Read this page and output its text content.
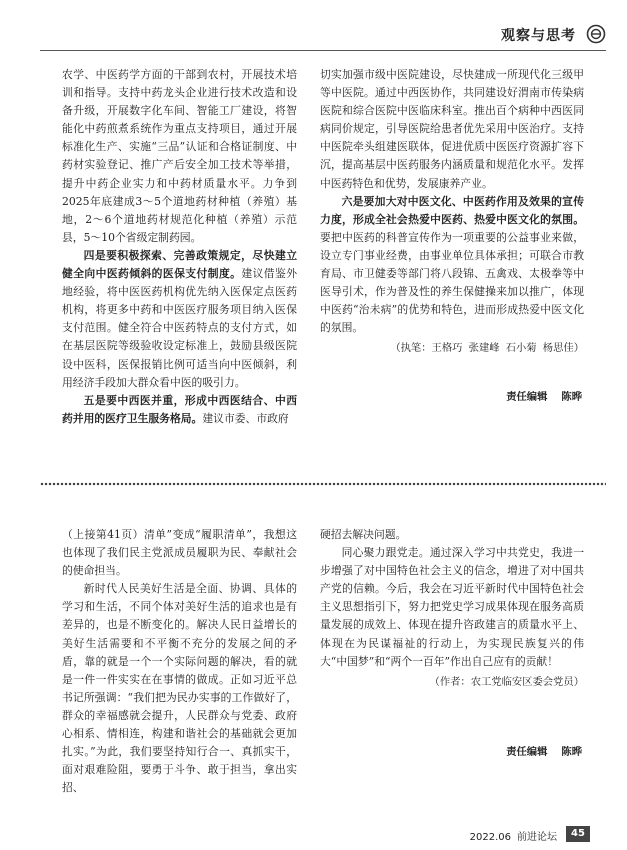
观察与思考

农学、中医药学方面的干部到农村，开展技术培训和指导。支持中药龙头企业进行技术改造和设备升级，开展数字化车间、智能工厂建设，将智能化中药煎煮系统作为重点支持项目，通过开展标准化生产、实施“三品”认证和合格证制度、中药材实验登记、推广产后安全加工技术等举措，提升中药企业实力和中药材质量水平。力争到2025年底建成3～5个道地药材种植（养殖）基地，2～6个道地药材规范化种植（养殖）示范县，5～10个省级定制药园。

四是要积极探索、完善政策规定，尽快建立健全向中医药倾斜的医保支付制度。建议借鉴外地经验，将中医医药机构优先纳入医保定点医药机构，将更多中药和中医医疗服务项目纳入医保支付范围。健全符合中医药特点的支付方式，如在基层医院等级验收设定标准上，鼓励县级医院设中医科，医保报销比例可适当向中医倾斜，利用经济手段加大群众看中医的吸引力。

五是要中西医并重，形成中西医结合、中西药并用的医疗卫生服务格局。建议市委、市政府

切实加强市级中医院建设，尽快建成一所现代化三级甲等中医院。通过中西医协作，共同建设好渭南市传染病医院和综合医院中医临床科室。推出百个病种中西医同病同价规定，引导医院给患者优先采用中医治疗。支持中医院牵头组建医联体，促进优质中医医疗资源扩容下沉，提高基层中医药服务内涵质量和规范化水平。发挥中医药特色和优势，发展康养产业。

六是要加大对中医文化、中医药作用及效果的宣传力度，形成全社会热爱中医药、热爱中医文化的氛围。要把中医药的科普宣传作为一项重要的公益事业来做，设立专门事业经费，由事业单位具体承担；可联合市教育局、市卫健委等部门将八段锦、五禽戏、太极拳等中医导引术，作为普及性的养生保健操来加以推广，体现中医药“治未病”的优势和特色，进而形成热爱中医文化的氛围。

（执笔：王格巧 张建峰 石小菊 杨思佳）
责任编辑 陈晔

（上接第41页）清单”变成“履职清单”，我想这也体现了我们民主党派成员履职为民、奉献社会的使命担当。

新时代人民美好生活是全面、协调、具体的学习和生活，不同个体对美好生活的追求也是有差异的，也是不断变化的。解决人民日益增长的美好生活需要和不平衡不充分的发展之间的矛盾，靠的就是一个一个实际问题的解决，看的就是一件一件实实在在事情的做成。正如习近平总书记所强调：“我们把为民办实事的工作做好了，群众的幸福感就会提升，人民群众与党委、政府心相系、情相连，构建和谐社会的基础就会更加扎实。”为此，我们要坚持知行合一、真抓实干，面对艰难险阻，要勇于斗争、敢于担当，拿出实招、

硬招去解决问题。

同心聚力跟党走。通过深入学习中共党史，我进一步增强了对中国特色社会主义的信念，增进了对中国共产党的信赖。今后，我会在习近平新时代中国特色社会主义思想指引下，努力把党史学习成果体现在服务高质量发展的成效上、体现在提升咨政建言的质量水平上、体现在为民谋福祉的行动上，为实现民族复兴的伟大“中国梦”和“两个一百年”作出自己应有的贡献！

（作者：农工党临安区委会党员）
责任编辑 陈晔
2022.06 前进论坛	45
